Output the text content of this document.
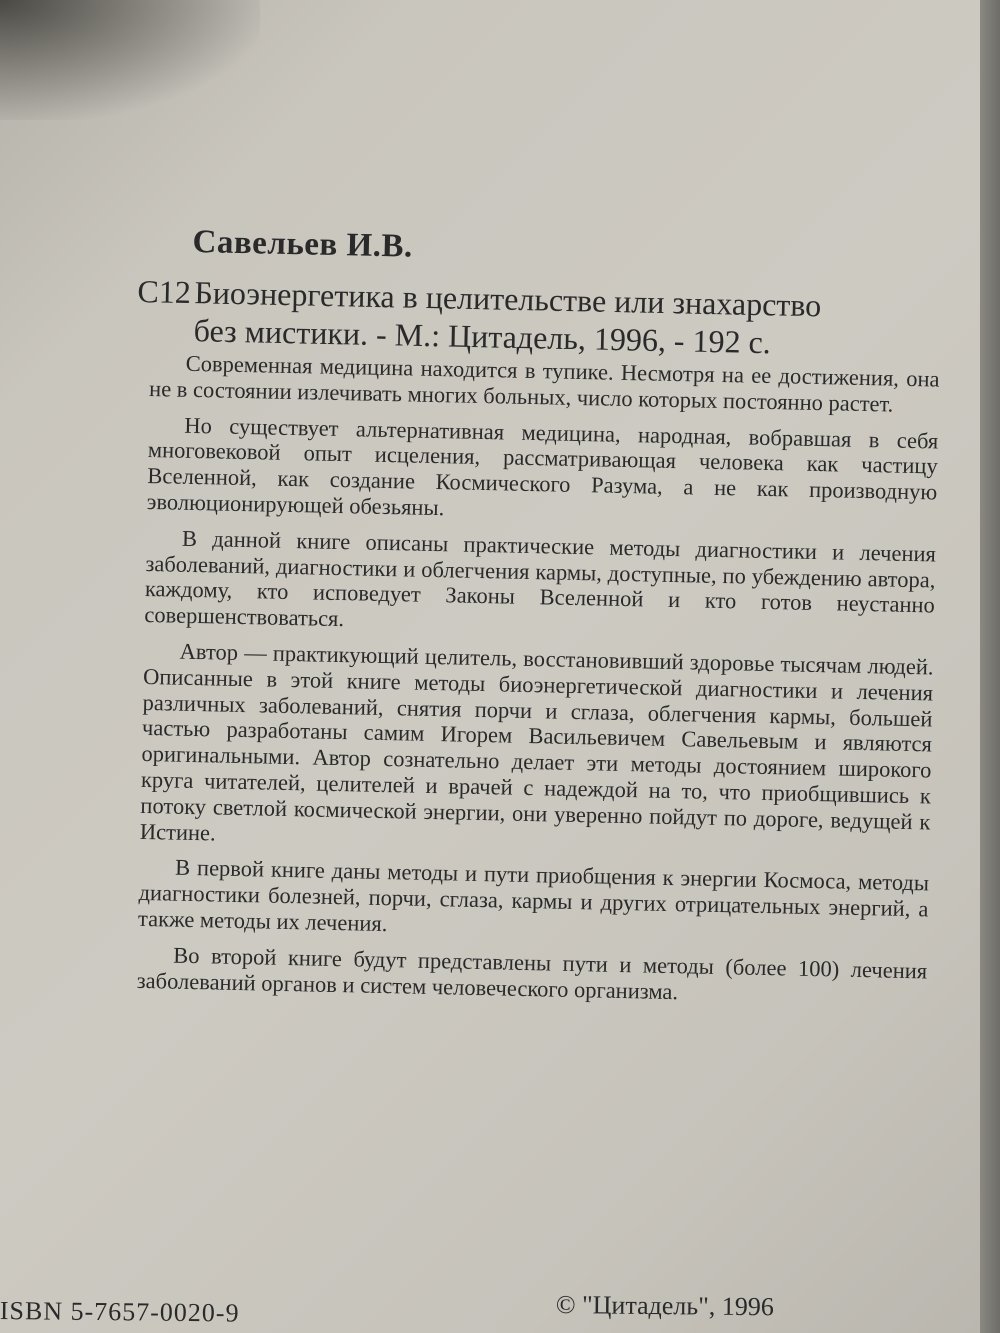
Савельев И.В.
С12 Биоэнергетика в целительстве или знахарство
без мистики. - М.: Цитадель, 1996, - 192 с.

Современная медицина находится в тупике. Несмотря на ее достижения, она не в состоянии излечивать многих больных, число которых постоянно растет.

Но существует альтернативная медицина, народная, вобравшая в себя многовековой опыт исцеления, рассматривающая человека как частицу Вселенной, как создание Космического Разума, а не как производную эволюционирующей обезьяны.

В данной книге описаны практические методы диагностики и лечения заболеваний, диагностики и облегчения кармы, доступные, по убеждению автора, каждому, кто исповедует Законы Вселенной и кто готов неустанно совершенствоваться.

Автор — практикующий целитель, восстановивший здоровье тысячам людей. Описанные в этой книге методы биоэнергетической диагностики и лечения различных заболеваний, снятия порчи и сглаза, облегчения кармы, большей частью разработаны самим Игорем Васильевичем Савельевым и являются оригинальными. Автор сознательно делает эти методы достоянием широкого круга читателей, целителей и врачей с надеждой на то, что приобщившись к потоку светлой космической энергии, они уверенно пойдут по дороге, ведущей к Истине.

В первой книге даны методы и пути приобщения к энергии Космоса, методы диагностики болезней, порчи, сглаза, кармы и других отрицательных энергий, а также методы их лечения.

Во второй книге будут представлены пути и методы (более 100) лечения заболеваний органов и систем человеческого организма.

ISBN 5-7657-0020-9	© "Цитадель", 1996
